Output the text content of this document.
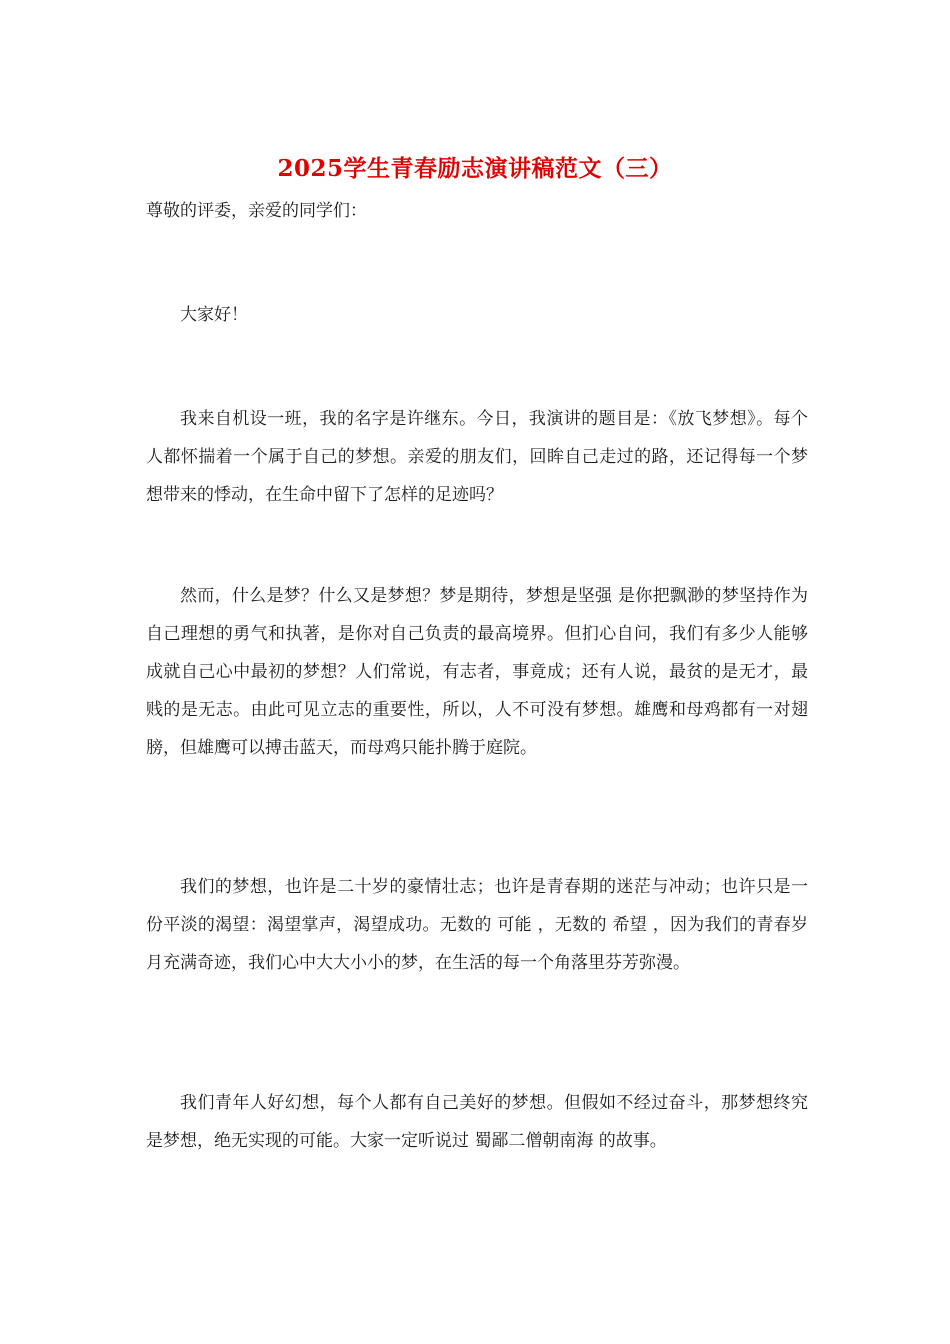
2025学生青春励志演讲稿范文（三）
尊敬的评委，亲爱的同学们：

大家好！

我来自机设一班，我的名字是许继东。今日，我演讲的题目是：《放飞梦想》。每个人都怀揣着一个属于自己的梦想。亲爱的朋友们，回眸自己走过的路，还记得每一个梦想带来的悸动，在生命中留下了怎样的足迹吗？

然而，什么是梦？什么又是梦想？梦是期待，梦想是坚强 是你把飘渺的梦坚持作为自己理想的勇气和执著，是你对自己负责的最高境界。但扪心自问，我们有多少人能够成就自己心中最初的梦想？人们常说，有志者，事竟成；还有人说，最贫的是无才，最贱的是无志。由此可见立志的重要性，所以，人不可没有梦想。雄鹰和母鸡都有一对翅膀，但雄鹰可以搏击蓝天，而母鸡只能扑腾于庭院。

我们的梦想，也许是二十岁的豪情壮志；也许是青春期的迷茫与冲动；也许只是一份平淡的渴望：渴望掌声，渴望成功。无数的 可能 ，无数的 希望 ，因为我们的青春岁月充满奇迹，我们心中大大小小的梦，在生活的每一个角落里芬芳弥漫。

我们青年人好幻想，每个人都有自己美好的梦想。但假如不经过奋斗，那梦想终究是梦想，绝无实现的可能。大家一定听说过 蜀鄙二僧朝南海 的故事。
